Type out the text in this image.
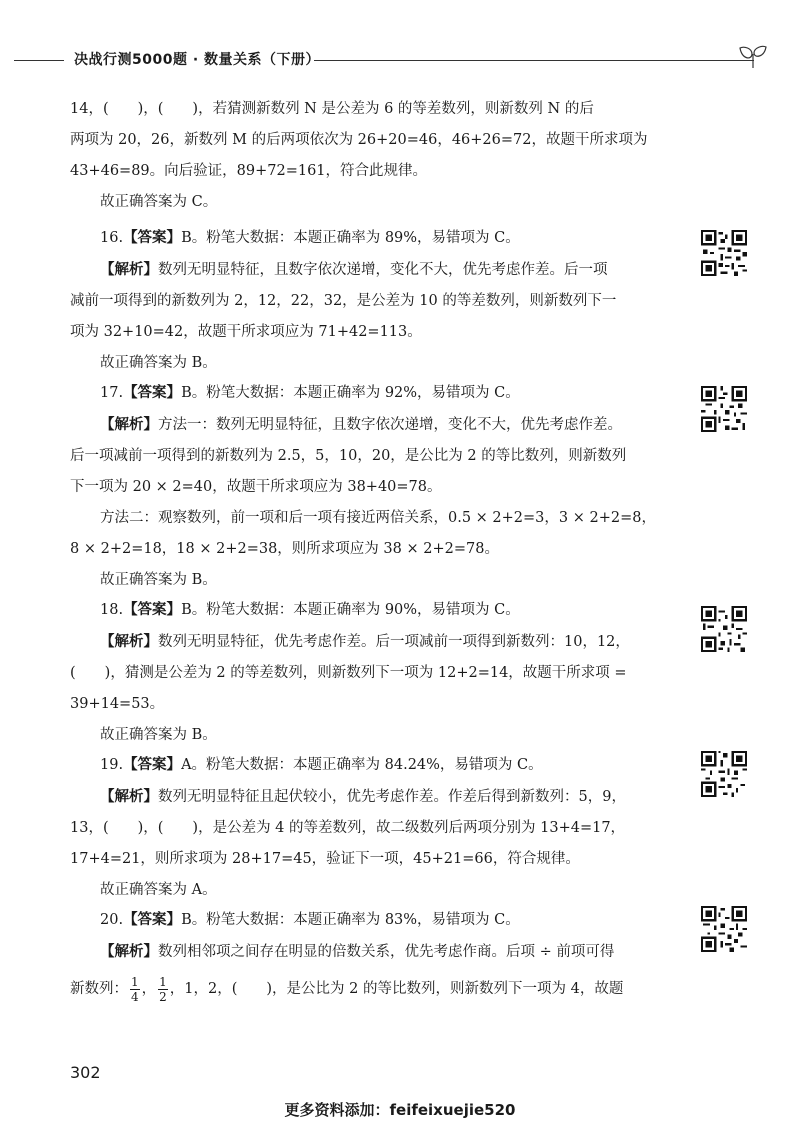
决战行测5000题 · 数量关系（下册）
14，(　　)，(　　)，若猜测新数列 N 是公差为 6 的等差数列，则新数列 N 的后
两项为 20，26，新数列 M 的后两项依次为 26+20=46，46+26=72，故题干所求项为
43+46=89。向后验证，89+72=161，符合此规律。
故正确答案为 C。
16.【答案】B。粉笔大数据：本题正确率为 89%，易错项为 C。
【解析】数列无明显特征，且数字依次递增，变化不大，优先考虑作差。后一项
减前一项得到的新数列为 2，12，22，32，是公差为 10 的等差数列，则新数列下一
项为 32+10=42，故题干所求项应为 71+42=113。
故正确答案为 B。
17.【答案】B。粉笔大数据：本题正确率为 92%，易错项为 C。
【解析】方法一：数列无明显特征，且数字依次递增，变化不大，优先考虑作差。
后一项减前一项得到的新数列为 2.5，5，10，20，是公比为 2 的等比数列，则新数列
下一项为 20 × 2=40，故题干所求项应为 38+40=78。
方法二：观察数列，前一项和后一项有接近两倍关系，0.5 × 2+2=3，3 × 2+2=8，
8 × 2+2=18，18 × 2+2=38，则所求项应为 38 × 2+2=78。
故正确答案为 B。
18.【答案】B。粉笔大数据：本题正确率为 90%，易错项为 C。
【解析】数列无明显特征，优先考虑作差。后一项减前一项得到新数列：10，12，
(　　)，猜测是公差为 2 的等差数列，则新数列下一项为 12+2=14，故题干所求项 =
39+14=53。
故正确答案为 B。
19.【答案】A。粉笔大数据：本题正确率为 84.24%，易错项为 C。
【解析】数列无明显特征且起伏较小，优先考虑作差。作差后得到新数列：5，9，
13，(　　)，(　　)，是公差为 4 的等差数列，故二级数列后两项分别为 13+4=17，
17+4=21，则所求项为 28+17=45，验证下一项，45+21=66，符合规律。
故正确答案为 A。
20.【答案】B。粉笔大数据：本题正确率为 83%，易错项为 C。
【解析】数列相邻项之间存在明显的倍数关系，优先考虑作商。后项 ÷ 前项可得
新数列： $\frac{1}{4}$ ， $\frac{1}{2}$ ，1，2，(　　)，是公比为 2 的等比数列，则新数列下一项为 4，故题
302
更多资料添加：feifeixuejie520
